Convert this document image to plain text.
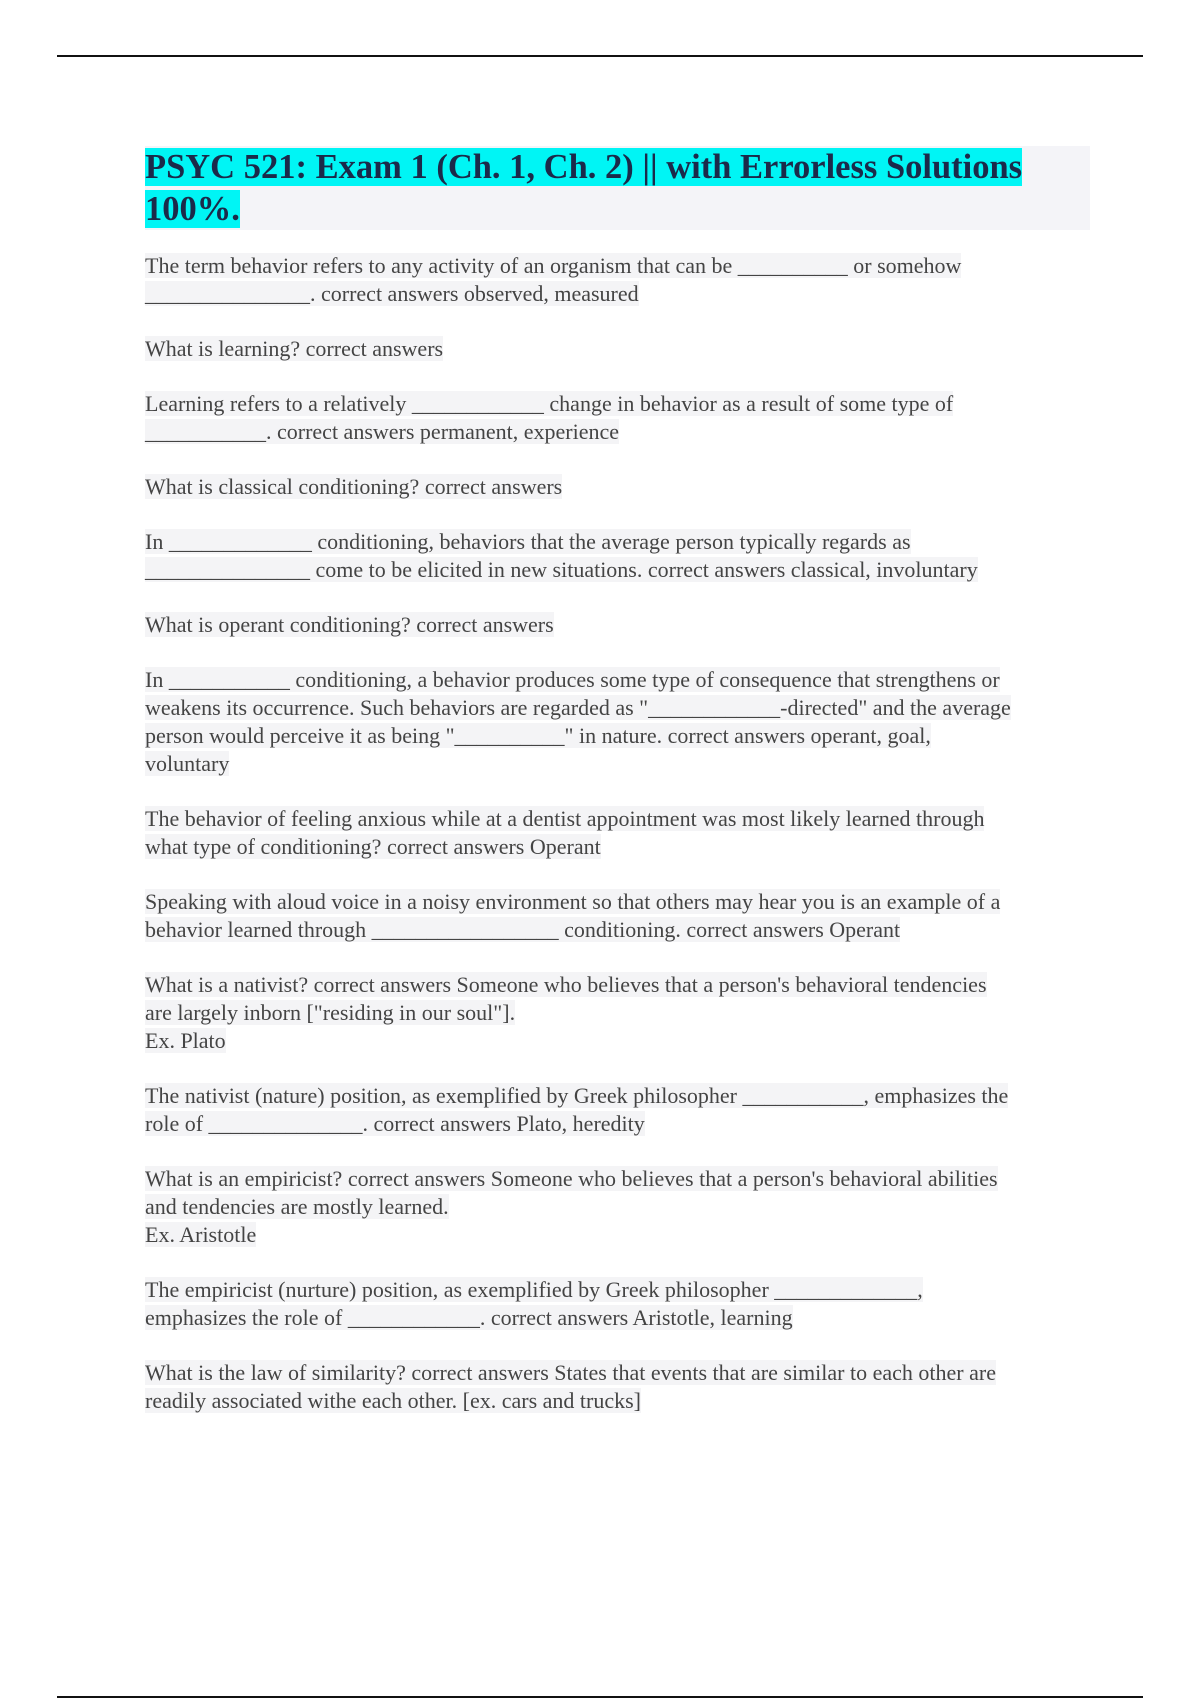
PSYC 521: Exam 1 (Ch. 1, Ch. 2) || with Errorless Solutions 100%.
The term behavior refers to any activity of an organism that can be __________ or somehow
_______________. correct answers observed, measured
What is learning? correct answers
Learning refers to a relatively ____________ change in behavior as a result of some type of
___________. correct answers permanent, experience
What is classical conditioning? correct answers
In _____________ conditioning, behaviors that the average person typically regards as
_______________ come to be elicited in new situations. correct answers classical, involuntary
What is operant conditioning? correct answers
In ___________ conditioning, a behavior produces some type of consequence that strengthens or
weakens its occurrence. Such behaviors are regarded as "____________-directed" and the average
person would perceive it as being "__________" in nature. correct answers operant, goal,
voluntary
The behavior of feeling anxious while at a dentist appointment was most likely learned through
what type of conditioning? correct answers Operant
Speaking with aloud voice in a noisy environment so that others may hear you is an example of a
behavior learned through _________________ conditioning. correct answers Operant
What is a nativist? correct answers Someone who believes that a person's behavioral tendencies
are largely inborn ["residing in our soul"].
Ex. Plato
The nativist (nature) position, as exemplified by Greek philosopher ___________, emphasizes the
role of ______________. correct answers Plato, heredity
What is an empiricist? correct answers Someone who believes that a person's behavioral abilities
and tendencies are mostly learned.
Ex. Aristotle
The empiricist (nurture) position, as exemplified by Greek philosopher _____________,
emphasizes the role of ____________. correct answers Aristotle, learning
What is the law of similarity? correct answers States that events that are similar to each other are
readily associated withe each other. [ex. cars and trucks]
